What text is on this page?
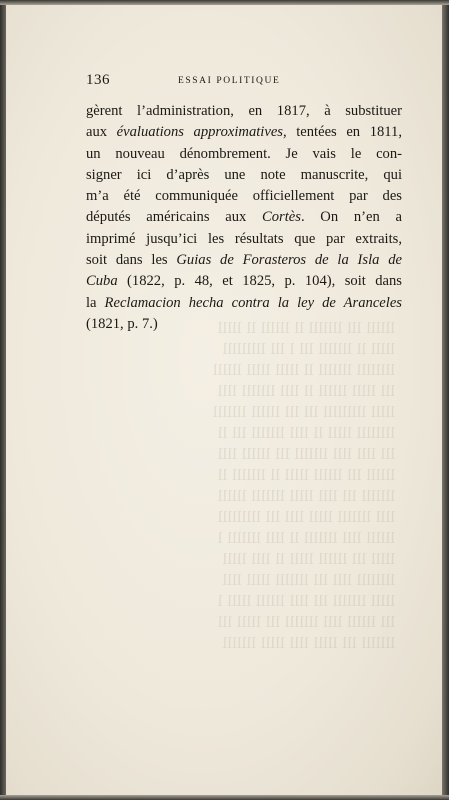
llllll lll lllllll ll llllll ll lllll
lllll ll lllllll lll l lll lllllllll
llllllll lllllll ll lllll lllll llllll
lll lllll llllll ll llll lllllll llll
lllll lllllllll lll lll llllll lllllll
llllllll lllll ll llll lllllll lll ll
lll llll llll lllllll lll llllll llll
llllll lll llllll lllll ll lllllll ll
lllllll lll llll lllll lllllll llllll
llll lllllll lllll llll lll lllllllll
llllll llll lllllll ll llll lllllll l
lllll lll llllll lllll ll llll lllll
llllllll llll lll lllllll lllll llll
lllll lllllll lll llll llllll lllll l
lll llllll llll lllllll lll lllll lll
lllllll lll lllll llll lllll lllllll
136	ESSAI POLITIQUE
gèrent l’administration, en 1817, à substituer
aux évaluations approximatives, tentées en 1811,
un nouveau dénombrement. Je vais le con-
signer ici d’après une note manuscrite, qui
m’a été communiquée officiellement par des
députés américains aux Cortès. On n’en a
imprimé jusqu’ici les résultats que par extraits,
soit dans les Guias de Forasteros de la Isla de
Cuba (1822, p. 48, et 1825, p. 104), soit dans
la Reclamacion hecha contra la ley de Aranceles
(1821, p. 7.)
